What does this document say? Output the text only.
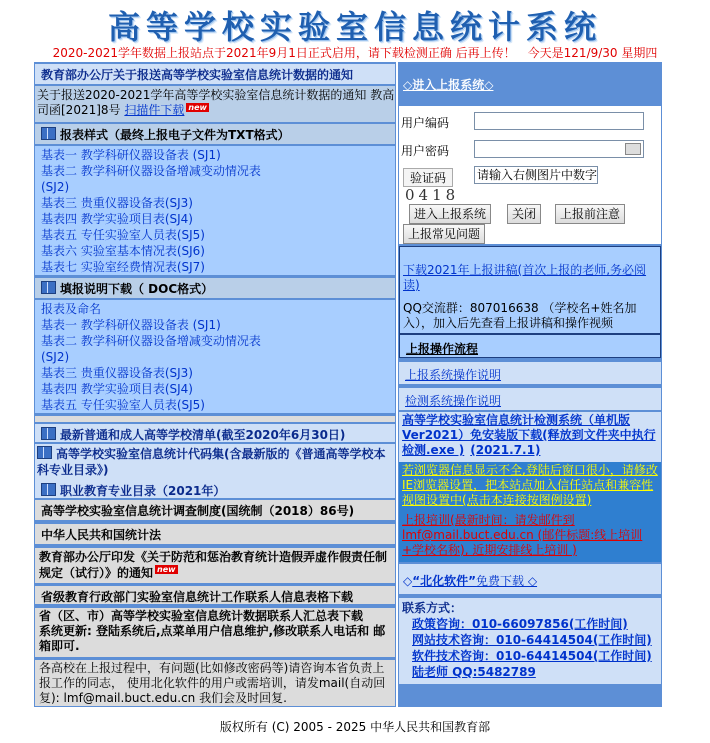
高等学校实验室信息统计系统
2020-2021学年数据上报站点于2021年9月1日正式启用，请下载检测正确 后再上传！　今天是121/9/30 星期四
教育部办公厅关于报送高等学校实验室信息统计数据的通知
关于报送2020-2021学年高等学校实验室信息统计数据的通知 教高司函[2021]8号 扫描件下载 new
报表样式（最终上报电子文件为TXT格式）
基表一 教学科研仪器设备表 (SJ1)
基表二 教学科研仪器设备增减变动情况表
(SJ2)
基表三 贵重仪器设备表(SJ3)
基表四 教学实验项目表(SJ4)
基表五 专任实验室人员表(SJ5)
基表六 实验室基本情况表(SJ6)
基表七 实验室经费情况表(SJ7)
填报说明下载（ DOC格式）
报表及命名
基表一 教学科研仪器设备表 (SJ1)
基表二 教学科研仪器设备增减变动情况表
(SJ2)
基表三 贵重仪器设备表(SJ3)
基表四 教学实验项目表(SJ4)
基表五 专任实验室人员表(SJ5)
最新普通和成人高等学校清单(截至2020年6月30日)
高等学校实验室信息统计代码集(含最新版的《普通高等学校本科专业目录》)
职业教育专业目录（2021年）
高等学校实验室信息统计调查制度(国统制（2018）86号)
中华人民共和国统计法
教育部办公厅印发《关于防范和惩治教育统计造假弄虚作假责任制规定（试行）》的通知 new
省级教育行政部门实验室信息统计工作联系人信息表格下载
省（区、市）高等学校实验室信息统计数据联系人汇总表下载
系统更新: 登陆系统后,点菜单用户信息维护,修改联系人电话和 邮箱即可.
各高校在上报过程中，有问题(比如修改密码等)请咨询本省负责上报工作的同志， 使用北化软件的用户或需培训，请发mail(自动回复): lmf@mail.buct.edu.cn 我们会及时回复.
◇进入上报系统◇
用户编码
用户密码
验证码	请输入右侧图片中数字
0418
进入上报系统	关闭	上报前注意
上报常见问题
下载2021年上报讲稿(首次上报的老师,务必阅读)
QQ交流群：807016638 （学校名+姓名加入），加入后先查看上报讲稿和操作视频
上报操作流程
上报系统操作说明
检测系统操作说明
高等学校实验室信息统计检测系统（单机版Ver2021）免安装版下载(释放到文件夹中执行检测.exe ) (2021.7.1)
若浏览器信息显示不全,登陆后窗口很小，请修改IE浏览器设置，把本站点加入信任站点和兼容性视图设置中(点击本连接按图例设置)
上报培训(最新时间：请发邮件到lmf@mail.buct.edu.cn (邮件标题:线上培训+学校名称), 近期安排线上培训 )
◇“北化软件”免费下载 ◇
联系方式：
政策咨询：010-66097856(工作时间)
网站技术咨询：010-64414504(工作时间)
软件技术咨询：010-64414504(工作时间) 陆老师 QQ:5482789
版权所有 (C) 2005 - 2025 中华人民共和国教育部
